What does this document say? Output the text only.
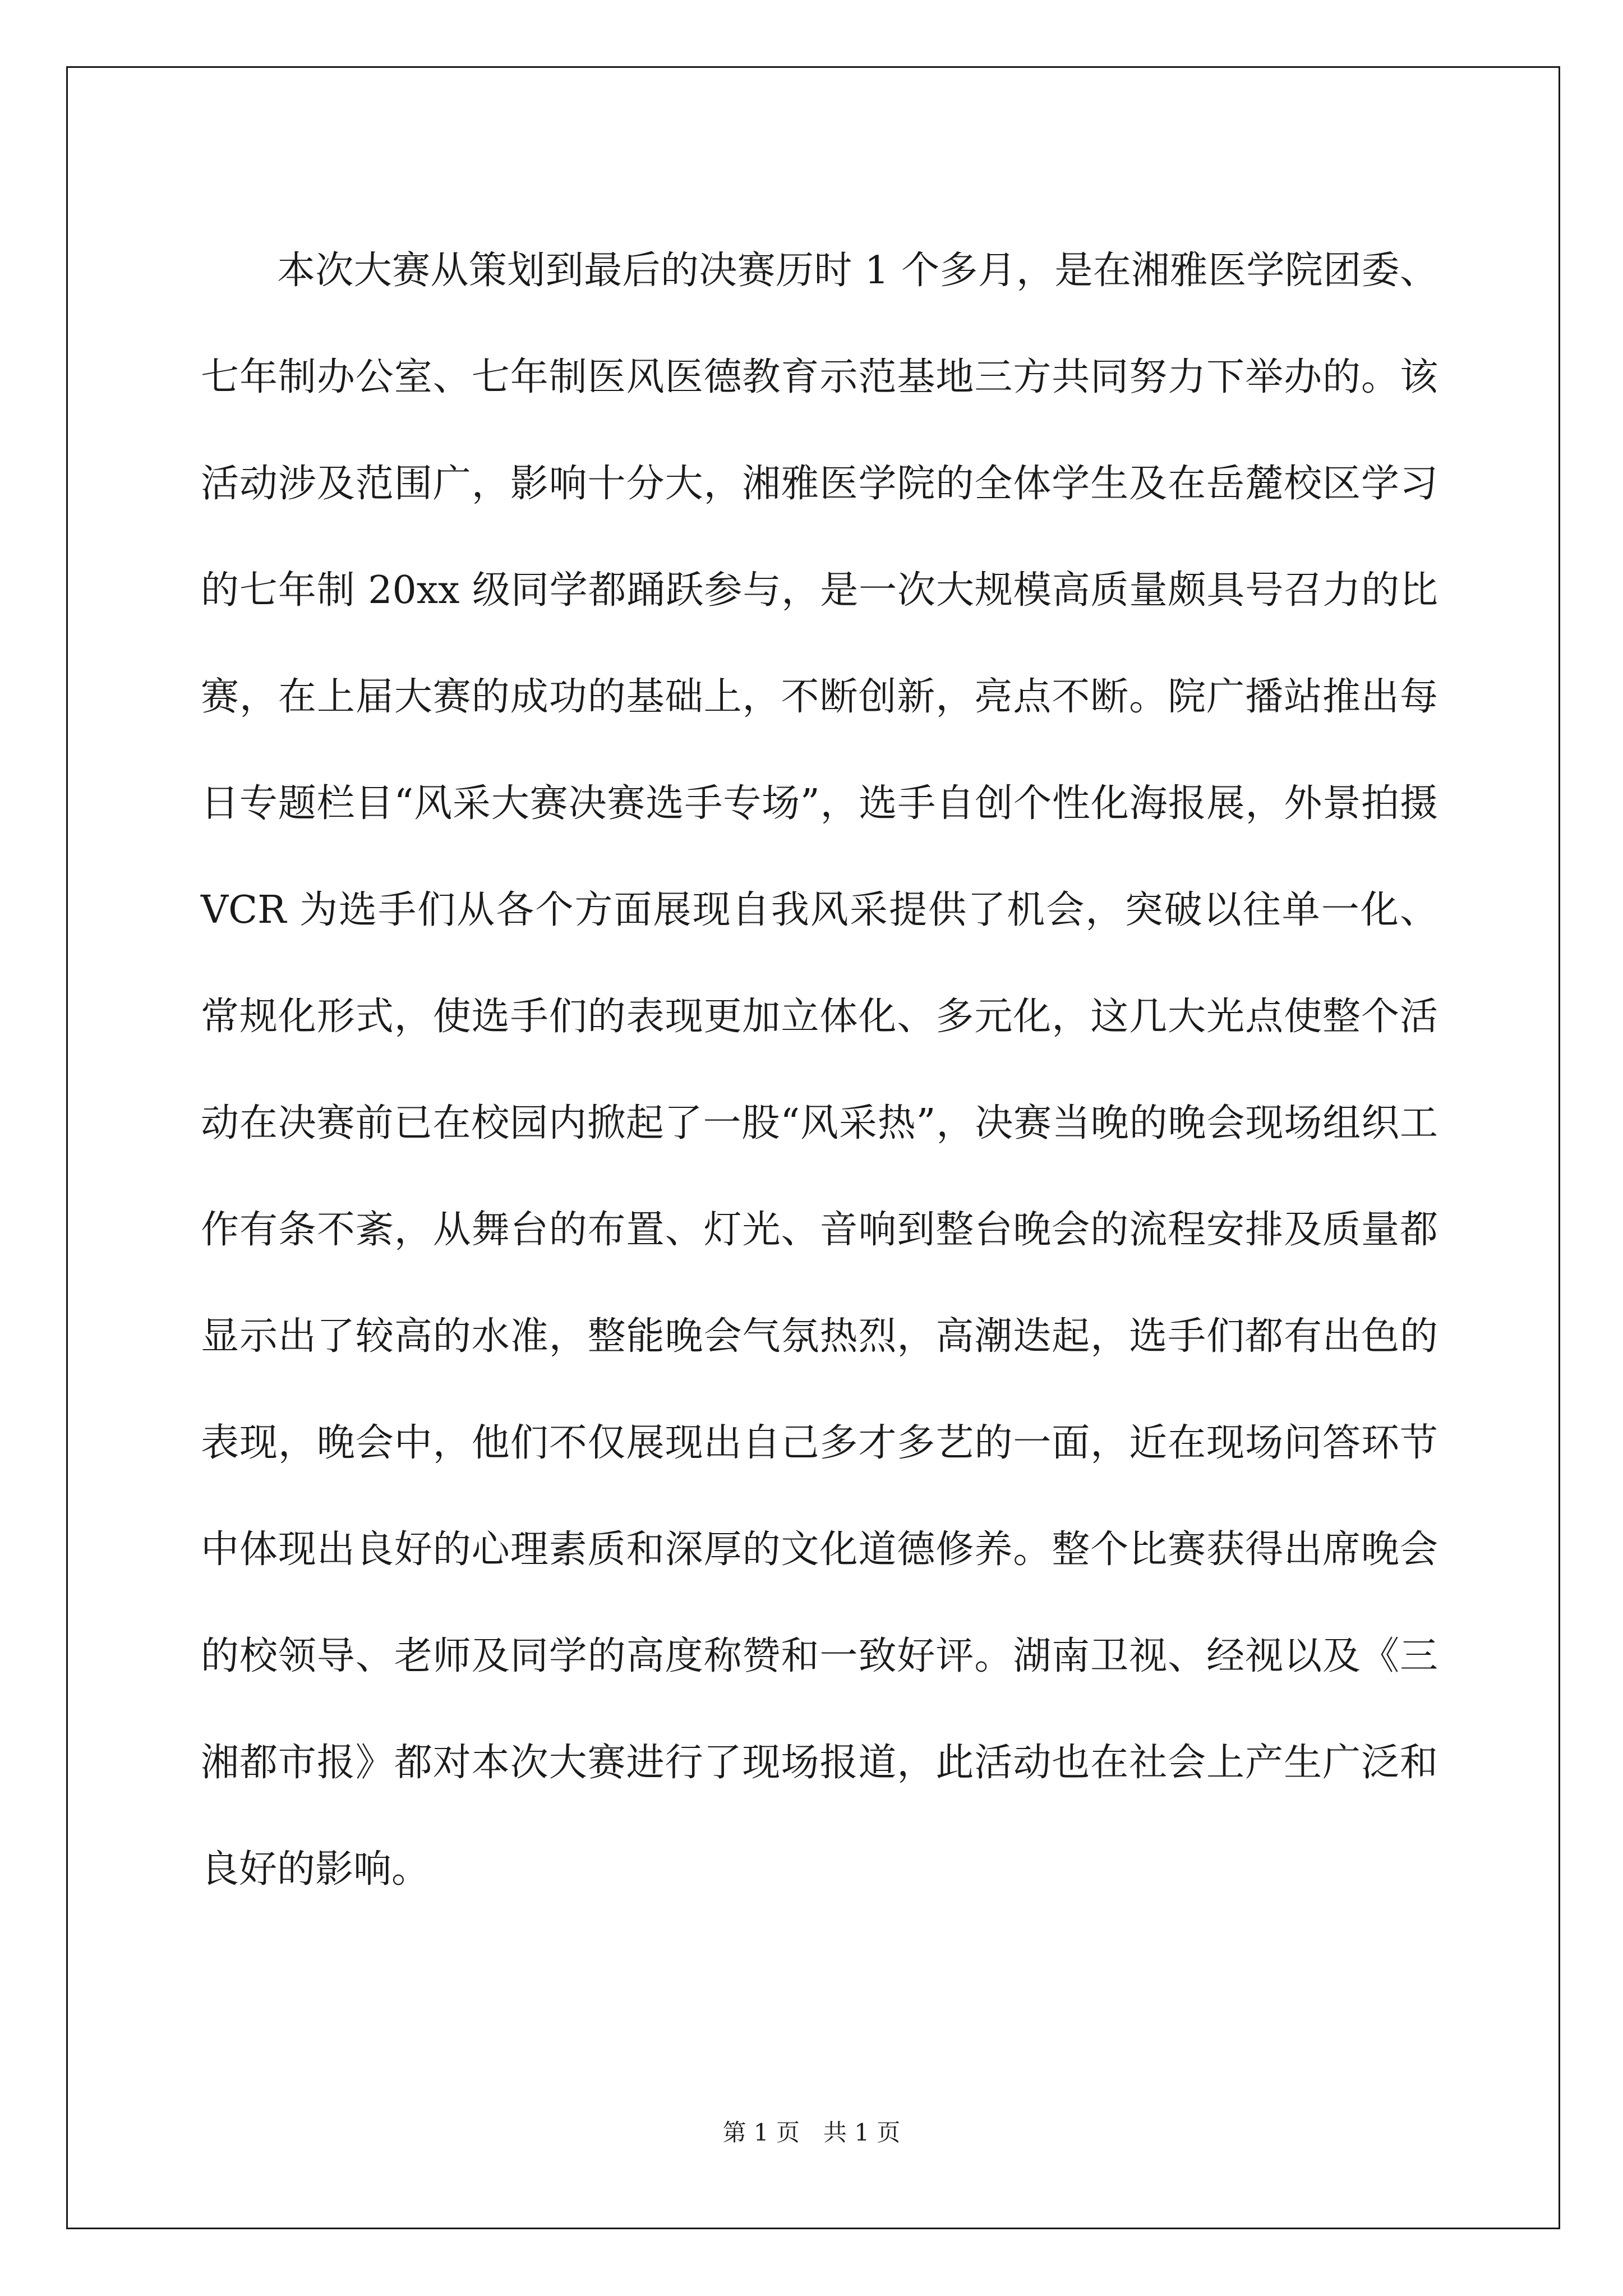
本次大赛从策划到最后的决赛历时 1 个多月，是在湘雅医学院团委、七年制办公室、七年制医风医德教育示范基地三方共同努力下举办的。该活动涉及范围广，影响十分大，湘雅医学院的全体学生及在岳麓校区学习的七年制 20xx 级同学都踊跃参与，是一次大规模高质量颇具号召力的比赛，在上届大赛的成功的基础上，不断创新，亮点不断。院广播站推出每日专题栏目“风采大赛决赛选手专场”，选手自创个性化海报展，外景拍摄 VCR 为选手们从各个方面展现自我风采提供了机会，突破以往单一化、常规化形式，使选手们的表现更加立体化、多元化，这几大光点使整个活动在决赛前已在校园内掀起了一股“风采热”，决赛当晚的晚会现场组织工作有条不紊，从舞台的布置、灯光、音响到整台晚会的流程安排及质量都显示出了较高的水准，整能晚会气氛热烈，高潮迭起，选手们都有出色的表现，晚会中，他们不仅展现出自己多才多艺的一面，近在现场问答环节中体现出良好的心理素质和深厚的文化道德修养。整个比赛获得出席晚会的校领导、老师及同学的高度称赞和一致好评。湖南卫视、经视以及《三湘都市报》都对本次大赛进行了现场报道，此活动也在社会上产生广泛和良好的影响。

第 1 页　共 1 页
